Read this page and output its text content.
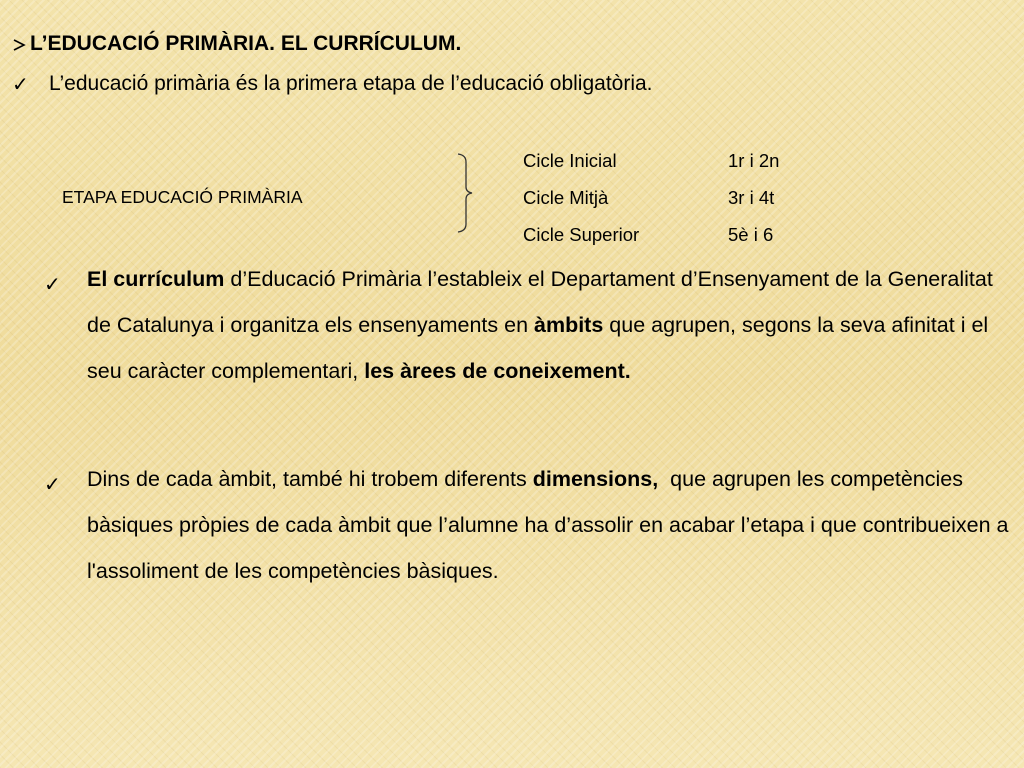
L’EDUCACIÓ PRIMÀRIA. EL CURRÍCULUM.
✓ L’educació primària és la primera etapa de l’educació obligatòria.
ETAPA EDUCACIÓ PRIMÀRIA
Cicle Inicial	1r i 2n
Cicle Mitjà	3r i 4t
Cicle Superior	5è i 6
✓	El currículum d’Educació Primària l’estableix el Departament d’Ensenyament de la Generalitat de Catalunya i organitza els ensenyaments en àmbits que agrupen, segons la seva afinitat i el seu caràcter complementari, les àrees de coneixement.
✓	Dins de cada àmbit, també hi trobem diferents dimensions,  que agrupen les competències bàsiques pròpies de cada àmbit que l’alumne ha d’assolir en acabar l’etapa i que contribueixen a l'assoliment de les competències bàsiques.
